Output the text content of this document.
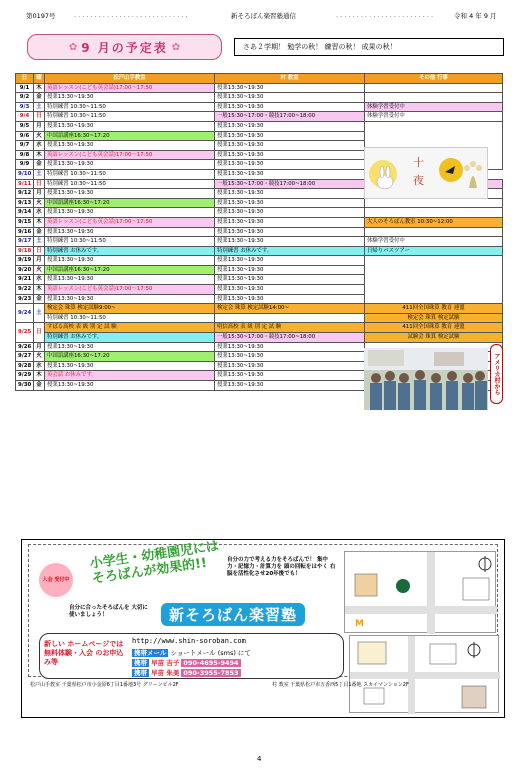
第0197号	. . . . . . . . . . . . . . . . . . . . . . . . . . . .	新そろばん楽習塾通信	. . . . . . . . . . . . . . . . . . . . . . . .	令和 4 年 9 月
✿ 9 月の予定表 ✿	さあ２学期！ 勉学の秋！ 練習の秋！ 成果の秋！
日	曜	松戸山手教室	村 教室	その他 行事
9/1	木	英語レッスン(こども英会話)17:00～17:50	授業13:30~19:30	
9/2	金	授業13:30~19:30	授業13:30~19:30	
9/3	土	特別練習 10:30~11:50	授業13:30~19:30	体験学習受付中
9/4	日	特別練習 10:30~11:50	一般15:30~17:00・競技17:00~18:00	体験学習受付中
9/5	月	授業13:30~19:30	授業13:30~19:30	
9/6	火	中国語講座16:30~17:20	授業13:30~19:30	
9/7	水	授業13:30~19:30	授業13:30~19:30	
9/8	木	英語レッスン(こども英会話)17:00～17:50	授業13:30~19:30	
9/9	金	授業13:30~19:30	授業13:30~19:30	
9/10	土	特別練習 10:30~11:50	授業13:30~19:30	
9/11	日	特別練習 10:30~11:50	一般15:30~17:00・競技17:00~18:00	
9/12	月	授業13:30~19:30	授業13:30~19:30	
9/13	火	中国語講座16:30~17:20	授業13:30~19:30	
9/14	水	授業13:30~19:30	授業13:30~19:30	
9/15	木	英語レッスン(こども英会話)17:00～17:50	授業13:30~19:30	大人のそろばん教室 10:30~12:00
9/16	金	授業13:30~19:30	授業13:30~19:30	
9/17	土	特別練習 10:30~11:50	授業13:30~19:30	体験学習受付中
9/18	日	特別練習 お休みです。	特別練習 お休みです。	日帰りバスツアー
9/19	月	授業13:30~19:30	授業13:30~19:30	
9/20	火	中国語講座16:30~17:20	授業13:30~19:30	
9/21	水	授業13:30~19:30	授業13:30~19:30	
9/22	木	英語レッスン(こども英会話)17:00～17:50	授業13:30~19:30	
9/23	金	授業13:30~19:30	授業13:30~19:30	
9/24	土	検定会 珠算 検定試験9:00~	検定会 珠算 検定試験14:00~	411回全国珠算 教育 連盟
		特別練習 10:30~11:50		検定会 珠算 検定試験
9/25	日	すばる高校 表 級 別 定 試 験	明信高校 表 級 別 定 試 験	411回全国珠算 教育 連盟
		特別練習 お休みです。	一般15:30~17:00・競技17:00~18:00	試験会 珠算 検定試験
9/26	月	授業13:30~19:30	授業13:30~19:30	
9/27	火	中国語講座16:30~17:20	授業13:30~19:30	
9/28	水	授業13:30~19:30	授業13:30~19:30	
9/29	木	英会話 お休みです。	授業13:30~19:30	
9/30	金	授業13:30~19:30	授業13:30~19:30	
十
夜
アメリカ村から
入会 受付中
小学生・幼稚園児には そろばんが効果的!!	自分の力で考える力をそろばんで！ 集中力・記憶力・計算力を 頭の回転をはやく 右脳を活性化させ20年後でも！
自分に合ったそろばんを 大切に使いましょう！	新そろばん楽習塾	M
新しい ホームページでは 無料体験・入会 のお申込み等
http://www.shin-soroban.com
携帯メール ショートメール (sms) にて
携帯 早苗 吉子 090-4695-9494
携帯 早苗 朱美 090-3955-7853
松戸山手教室 千葉県松戸市小金原6丁目1番地3号 グリーンビル2F	村 教室 千葉県松戸市五香西5丁目1番地 スカイマンション2F
4
